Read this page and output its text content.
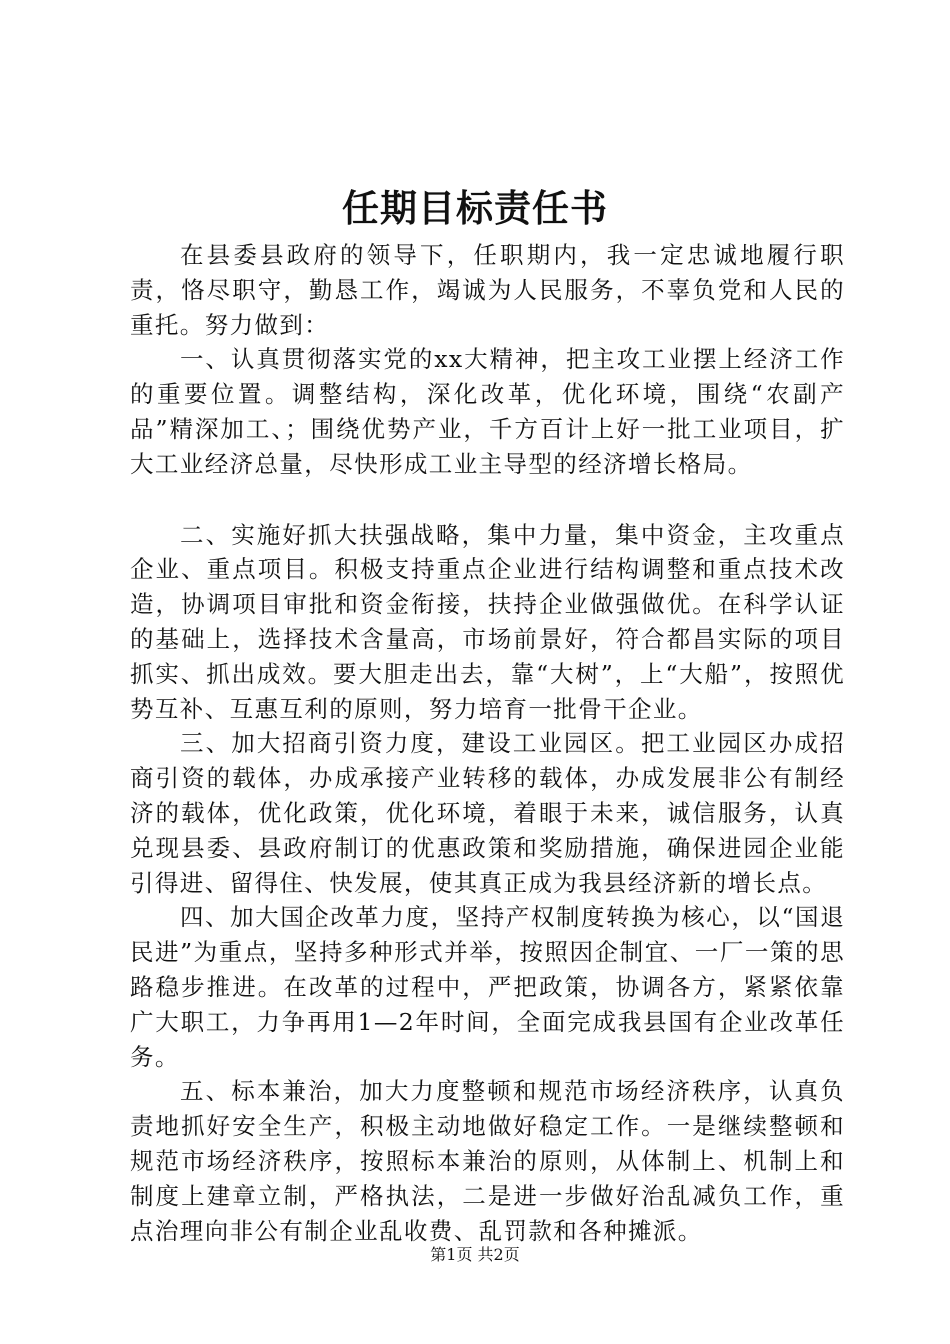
任期目标责任书

在县委县政府的领导下，任职期内，我一定忠诚地履行职责，恪尽职守，勤恳工作，竭诚为人民服务，不辜负党和人民的重托。努力做到：

一、认真贯彻落实党的xx大精神，把主攻工业摆上经济工作的重要位置。调整结构，深化改革，优化环境，围绕“农副产品”精深加工、；围绕优势产业，千方百计上好一批工业项目，扩大工业经济总量，尽快形成工业主导型的经济增长格局。

二、实施好抓大扶强战略，集中力量，集中资金，主攻重点企业、重点项目。积极支持重点企业进行结构调整和重点技术改造，协调项目审批和资金衔接，扶持企业做强做优。在科学认证的基础上，选择技术含量高，市场前景好，符合都昌实际的项目抓实、抓出成效。要大胆走出去，靠“大树”，上“大船”，按照优势互补、互惠互利的原则，努力培育一批骨干企业。

三、加大招商引资力度，建设工业园区。把工业园区办成招商引资的载体，办成承接产业转移的载体，办成发展非公有制经济的载体，优化政策，优化环境，着眼于未来，诚信服务，认真兑现县委、县政府制订的优惠政策和奖励措施，确保进园企业能引得进、留得住、快发展，使其真正成为我县经济新的增长点。

四、加大国企改革力度，坚持产权制度转换为核心，以“国退民进”为重点，坚持多种形式并举，按照因企制宜、一厂一策的思路稳步推进。在改革的过程中，严把政策，协调各方，紧紧依靠广大职工，力争再用1—2年时间，全面完成我县国有企业改革任务。

五、标本兼治，加大力度整顿和规范市场经济秩序，认真负责地抓好安全生产，积极主动地做好稳定工作。一是继续整顿和规范市场经济秩序，按照标本兼治的原则，从体制上、机制上和制度上建章立制，严格执法，二是进一步做好治乱减负工作，重点治理向非公有制企业乱收费、乱罚款和各种摊派。

第1页 共2页
